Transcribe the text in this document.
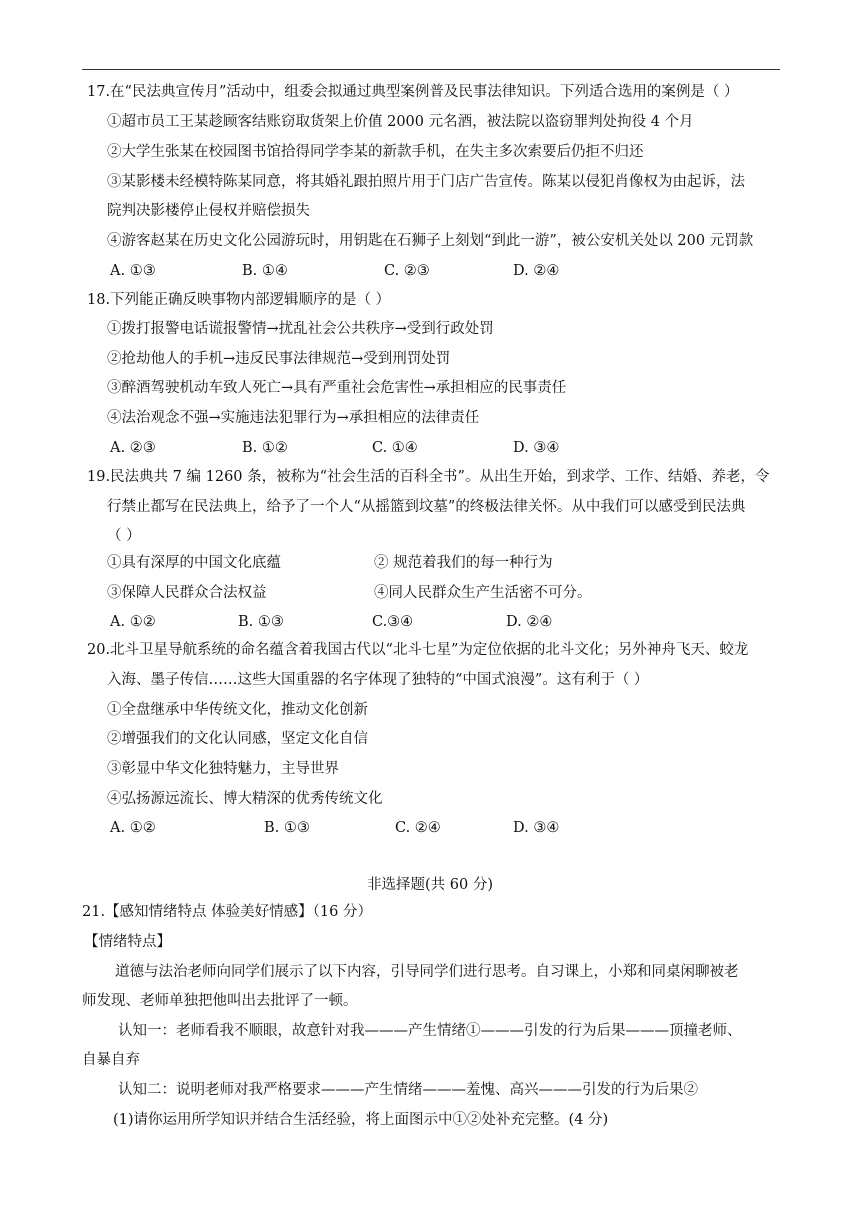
17.在“民法典宣传月”活动中，组委会拟通过典型案例普及民事法律知识。下列适合选用的案例是（ ）
①超市员工王某趁顾客结账窃取货架上价值 2000 元名酒，被法院以盗窃罪判处拘役 4 个月
②大学生张某在校园图书馆拾得同学李某的新款手机，在失主多次索要后仍拒不归还
③某影楼未经模特陈某同意，将其婚礼跟拍照片用于门店广告宣传。陈某以侵犯肖像权为由起诉，法
院判决影楼停止侵权并赔偿损失
④游客赵某在历史文化公园游玩时，用钥匙在石狮子上刻划“到此一游”，被公安机关处以 200 元罚款
A. ①③	B. ①④	C. ②③	D. ②④
18.下列能正确反映事物内部逻辑顺序的是（ ）
①拨打报警电话谎报警情→扰乱社会公共秩序→受到行政处罚
②抢劫他人的手机→违反民事法律规范→受到刑罚处罚
③醉酒驾驶机动车致人死亡→具有严重社会危害性→承担相应的民事责任
④法治观念不强→实施违法犯罪行为→承担相应的法律责任
A. ②③	B. ①②	C. ①④	D. ③④
19.民法典共 7 编 1260 条，被称为“社会生活的百科全书”。从出生开始，到求学、工作、结婚、养老，令
行禁止都写在民法典上，给予了一个人“从摇篮到坟墓”的终极法律关怀。从中我们可以感受到民法典
（ ）
①具有深厚的中国文化底蕴	② 规范着我们的每一种行为
③保障人民群众合法权益	④同人民群众生产生活密不可分。
A. ①②	B. ①③	C.③④	D. ②④
20.北斗卫星导航系统的命名蕴含着我国古代以“北斗七星”为定位依据的北斗文化；另外神舟飞天、蛟龙
入海、墨子传信……这些大国重器的名字体现了独特的“中国式浪漫”。这有利于（ ）
①全盘继承中华传统文化，推动文化创新
②增强我们的文化认同感，坚定文化自信
③彰显中华文化独特魅力，主导世界
④弘扬源远流长、博大精深的优秀传统文化
A. ①②	B. ①③	C. ②④	D. ③④
非选择题(共 60 分)
21.【感知情绪特点 体验美好情感】（16 分）
【情绪特点】
道德与法治老师向同学们展示了以下内容，引导同学们进行思考。自习课上，小郑和同桌闲聊被老
师发现、老师单独把他叫出去批评了一顿。
认知一：老师看我不顺眼，故意针对我———产生情绪①———引发的行为后果———顶撞老师、
自暴自弃
认知二：说明老师对我严格要求———产生情绪———羞愧、高兴———引发的行为后果②
(1)请你运用所学知识并结合生活经验，将上面图示中①②处补充完整。(4 分)
